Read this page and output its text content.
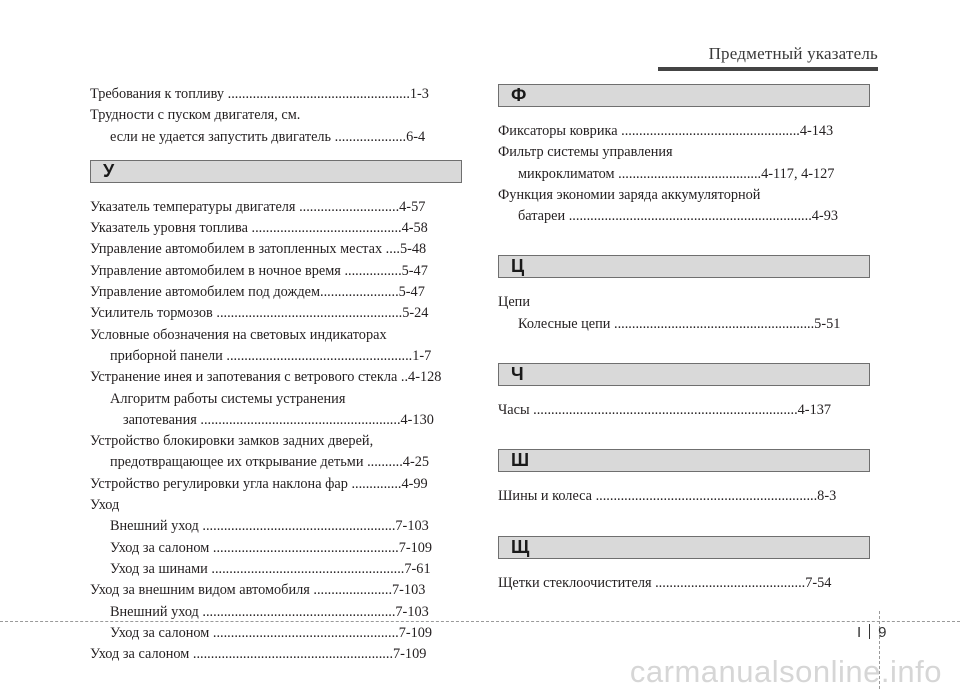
Предметный указатель
Требования к топливу ...................................................1-3
Трудности с пуском двигателя, см.
если не удается запустить двигатель ....................6-4
У
Указатель температуры двигателя ............................4-57
Указатель уровня топлива ..........................................4-58
Управление автомобилем в затопленных местах ....5-48
Управление автомобилем в ночное время ................5-47
Управление автомобилем под дождем......................5-47
Усилитель тормозов ....................................................5-24
Условные обозначения на световых индикаторах
приборной панели ....................................................1-7
Устранение инея и запотевания с ветрового стекла ..4-128
Алгоритм работы системы устранения
запотевания ........................................................4-130
Устройство блокировки замков задних дверей,
предотвращающее их открывание детьми ..........4-25
Устройство регулировки угла наклона фар ..............4-99
Уход
Внешний уход ......................................................7-103
Уход за салоном ....................................................7-109
Уход за шинами ......................................................7-61
Уход за внешним видом автомобиля ......................7-103
Внешний уход ......................................................7-103
Уход за салоном ....................................................7-109
Уход за салоном ........................................................7-109
Ф
Фиксаторы коврика ..................................................4-143
Фильтр системы управления
микроклиматом ........................................4-117, 4-127
Функция экономии заряда аккумуляторной
батареи ....................................................................4-93
Ц
Цепи
Колесные цепи ........................................................5-51
Ч
Часы ..........................................................................4-137
Ш
Шины и колеса ..............................................................8-3
Щ
Щетки стеклоочистителя ..........................................7-54
I 9
carmanualsonline.info
